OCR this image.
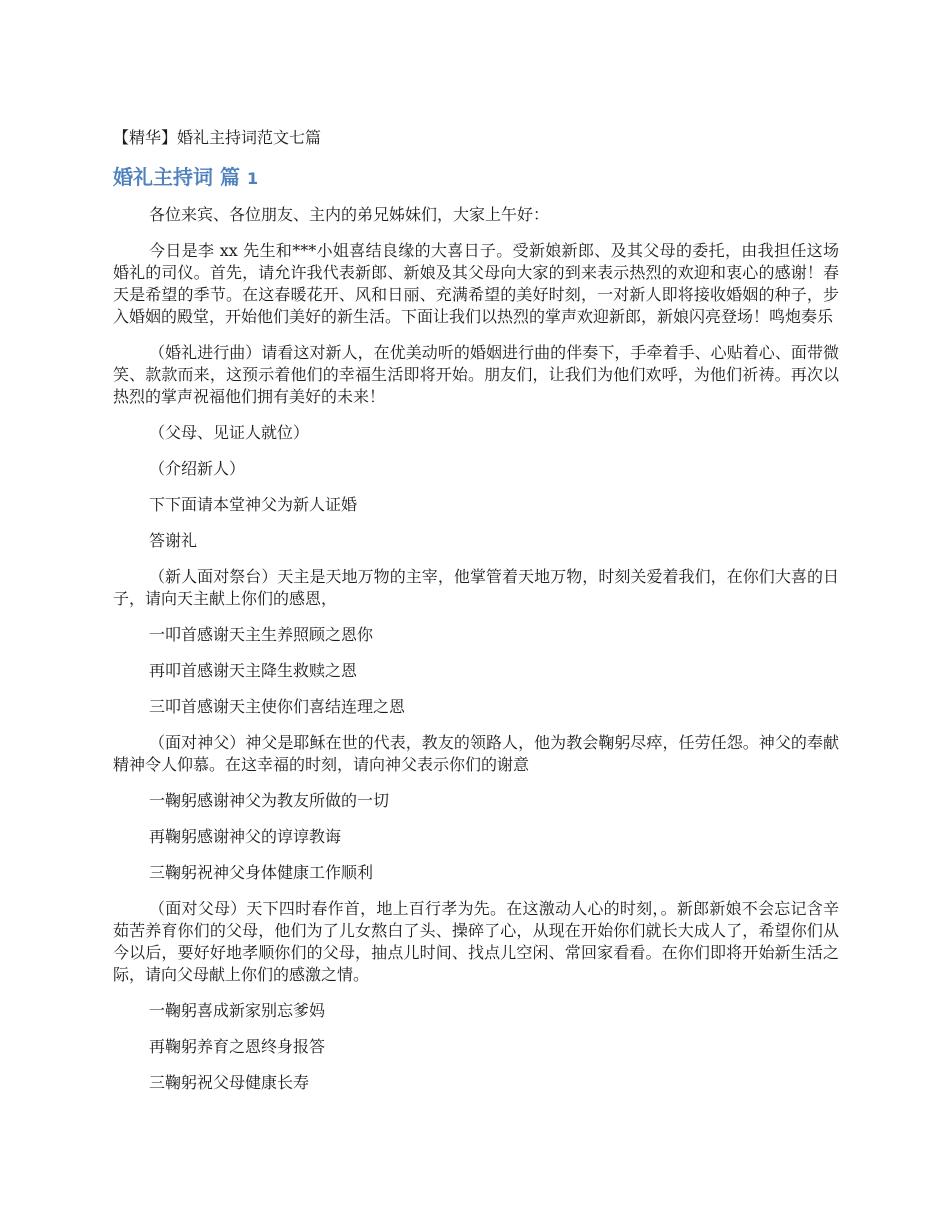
【精华】婚礼主持词范文七篇
婚礼主持词 篇 1

各位来宾、各位朋友、主内的弟兄姊妹们，大家上午好：

今日是李 xx 先生和***小姐喜结良缘的大喜日子。受新娘新郎、及其父母的委托，由我担任这场婚礼的司仪。首先，请允许我代表新郎、新娘及其父母向大家的到来表示热烈的欢迎和衷心的感谢！春天是希望的季节。在这春暖花开、风和日丽、充满希望的美好时刻，一对新人即将接收婚姻的种子，步入婚姻的殿堂，开始他们美好的新生活。下面让我们以热烈的掌声欢迎新郎，新娘闪亮登场！鸣炮奏乐

（婚礼进行曲）请看这对新人，在优美动听的婚姻进行曲的伴奏下，手牵着手、心贴着心、面带微笑、款款而来，这预示着他们的幸福生活即将开始。朋友们，让我们为他们欢呼，为他们祈祷。再次以热烈的掌声祝福他们拥有美好的未来！

（父母、见证人就位）

（介绍新人）

下下面请本堂神父为新人证婚

答谢礼

（新人面对祭台）天主是天地万物的主宰，他掌管着天地万物，时刻关爱着我们，在你们大喜的日子，请向天主献上你们的感恩，

一叩首感谢天主生养照顾之恩你

再叩首感谢天主降生救赎之恩

三叩首感谢天主使你们喜结连理之恩

（面对神父）神父是耶稣在世的代表，教友的领路人，他为教会鞠躬尽瘁，任劳任怨。神父的奉献精神令人仰慕。在这幸福的时刻，请向神父表示你们的谢意

一鞠躬感谢神父为教友所做的一切

再鞠躬感谢神父的谆谆教诲

三鞠躬祝神父身体健康工作顺利

（面对父母）天下四时春作首，地上百行孝为先。在这激动人心的时刻，。新郎新娘不会忘记含辛茹苦养育你们的父母，他们为了儿女熬白了头、操碎了心，从现在开始你们就长大成人了，希望你们从今以后，要好好地孝顺你们的父母，抽点儿时间、找点儿空闲、常回家看看。在你们即将开始新生活之际，请向父母献上你们的感激之情。

一鞠躬喜成新家别忘爹妈

再鞠躬养育之恩终身报答

三鞠躬祝父母健康长寿
